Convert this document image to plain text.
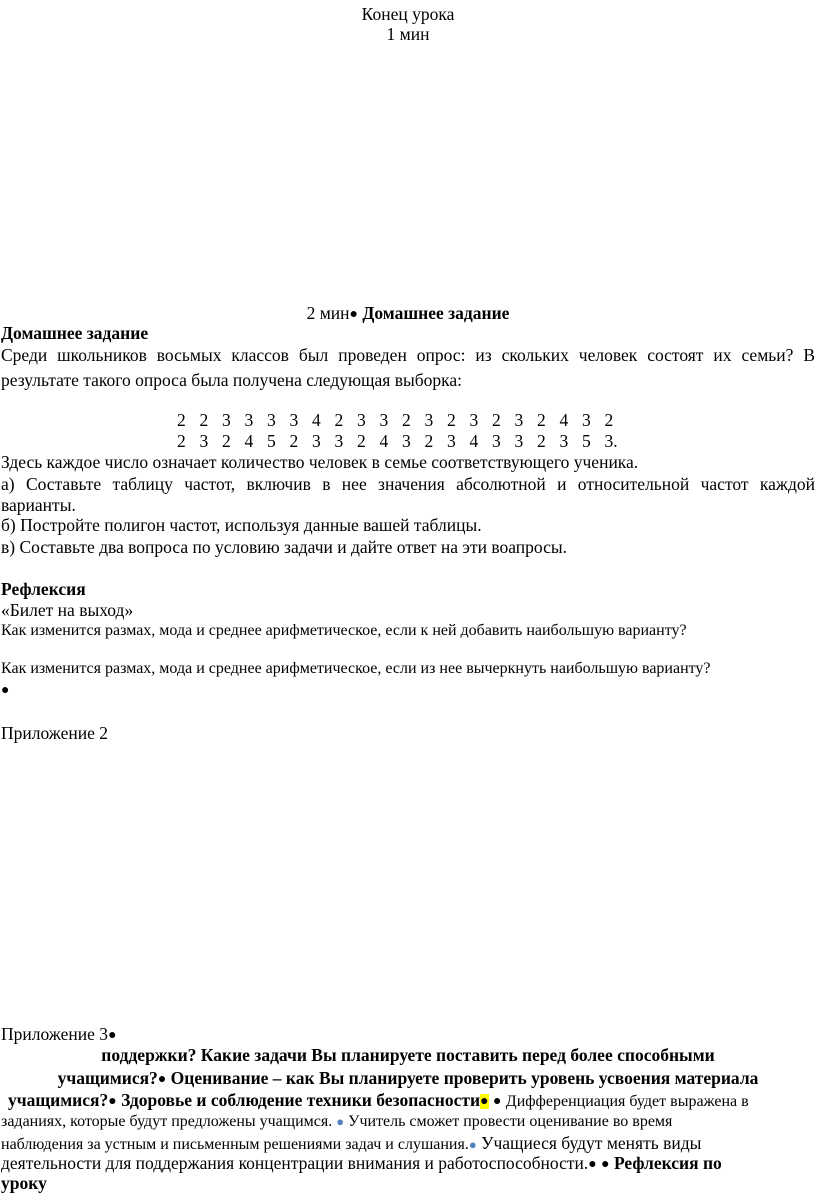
Конец урока
1 мин
2 мин● Домашнее задание
Домашнее задание
Среди школьников восьмых классов был проведен опрос: из скольких человек состоят их семьи? В
результате такого опроса была получена следующая выборка:
2 2 3 3 3 3 4 2 3 3 2 3 2 3 2 3 2 4 3 2
2 3 2 4 5 2 3 3 2 4 3 2 3 4 3 3 2 3 5 3.
Здесь каждое число означает количество человек в семье соответствующего ученика.
а) Составьте таблицу частот, включив в нее значения абсолютной и относительной частот каждой
варианты.
б) Постройте полигон частот, используя данные вашей таблицы.
в) Составьте два вопроса по условию задачи и дайте ответ на эти воапросы.
Рефлексия
«Билет на выход»
Как изменится размах, мода и среднее арифметическое, если к ней добавить наибольшую варианту?
Как изменится размах, мода и среднее арифметическое, если из нее вычеркнуть наибольшую варианту?
●
Приложение 2
Приложение 3●
поддержки? Какие задачи Вы планируете поставить перед более способными
учащимися?● Оценивание – как Вы планируете проверить уровень усвоения материала
учащимися?● Здоровье и соблюдение техники безопасности● ● Дифференциация будет выражена в
заданиях, которые будут предложены учащимся. ● Учитель сможет провести оценивание во время
наблюдения за устным и письменным решениями задач и слушания.● Учащиеся будут менять виды
деятельности для поддержания концентрации внимания и работоспособности.● ● Рефлексия по
уроку
